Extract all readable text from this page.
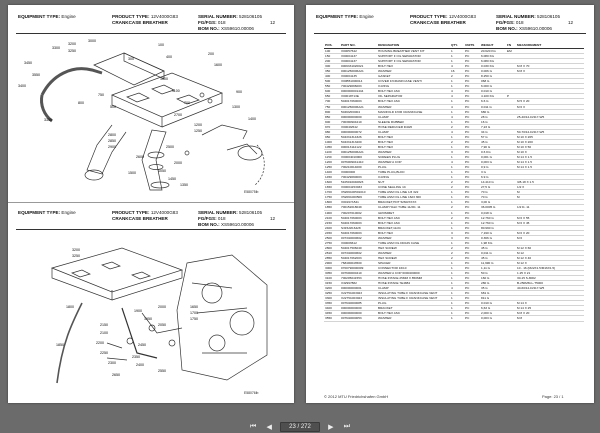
EQUIPMENT TYPE: Engine	PRODUCT TYPE: 12V4000G83	SERIAL NUMBER: 528106105
CRANKCASE BREATHER	FG/FGS: 018	12
BOM NO.: XS59610.00006
3450
3550
3400
3300
3200
3250
3000
3350
100
200
300	400
1600
800
900
1300
1400
500
2800
2850
2900
2700
1000
1100
700
1200
1250
2500
2600
2000
1500
1450
1350
750
1050
E58075lb
EQUIPMENT TYPE: Engine	PRODUCT TYPE: 12V4000G83	SERIAL NUMBER: 528106105
CRANKCASE BREATHER	FG/FGS: 018	12
BOM NO.: XS59610.00006
3200
3250
1800
1850
2150
2100
2200
2250
2300
1900
1950
2050
2450
2350
2400
1650
1700
1750
2000
2650
2550
E58076lb
EQUIPMENT TYPE: Engine	PRODUCT TYPE: 12V4000G83	SERIAL NUMBER: 528106105
CRANKCASE BREATHER	FG/FGS: 018	12
BOM NO.: XS59610.00006
POS.	PART NO.	DESIGNATION	QTY.	UNITS	WEIGHT	FN	MEASUREMENT
100	X00057642	HOUSING BREATHER VENT KIT	1	PC	20.620 KG	EM	
150	X00004137	SUPPORT F OIL SEPARATOR	1	PC	6.080 KG		
200	X00004137	SUPPORT F OIL SEPARATOR	1	PC	6.080 KG		
300	0009331020021	BOLT HEX	4	PC	0.030 KG		M 8 X 70
350	0001250006A21	WASHER	16	PC	0.006 G		M 8 X
400	X00004135	GASKET	2	PC	8.250 G		
500	X00B51000014	COVER F/CRANKCASE VENTI	1	PC	068 G		
550	700429096003	O-RING	1	PC	6.000 G		
600	0000000001444	BOLT HEX ASC	4	PC	0.010 G		
650	X00018713E	OIL SEPARATOR	4	PC	4.100 KG	P	
700	504017060003	BOLT HEX ASC	1	PC	6.6 G		M 5 X 20
750	0001250006A21	WASHER	4	PC	0.011 G		M 6 X
800	50493/0/0004	MANIFOLD F/OR CRANKCASE	1	PC	680 G		
850	000000000000	CLAMP	4	PC	28 G		25-40/12-D/417-W5
900	700390904210	SLEEVE RUBBER	1	PC	16 G		
970	X00049/642	HOSE REDUCER D40/0	2	PC	7,23 G		
980	000000000072	CLAMP	4	PC	34 G		50-70/12-D/417-W5
950	504331314326	BOLT HEX	1	PC	57 G		M 10 X 265
1000	504331313200	BOLT HEX	2	PC	45 G		M 10 X 200
1050	000013112122	BOLT HEX	1	PC	7,90 G		M 10 X 50
1100	0001250006A21	WASHER	3	PC	0.6 KG		M 10 X
1150	X00004010000	SCREEN PLUG	1	PC	0,001 G		M 14 X 1.5
1200	0076009041410	WASHER A COP	4	PC	0,003 G		M 14 X 1.5
1250	700210014000	PLUG	1	PC	0,9 G		M 14 X 1.5
1400	X0000000	TUBE PLUG,BLKD	1	PC	3 G		
1450	700429090003	O-RING	1	PC	6.9 G		
1600	5105010040823	NUT	2	PC	14.410 G		3/8-18 X 1.5
1650	X00004153033	CONE SEALING 1C	2	PC	27,5 G		1/2 X
1700	X5206100501010	TUBE ASM OIL LINE 1/3 322	1	PC	70 G		M
1750	X52061000506	TUBE ASM OIL LINE 1623 360	1	PC	70 G		M
1800	X00197A541	BRACKET,HOT 5260/XXXX	1	PC	3,00 G		
1850	700152018049	CLAMP HALF TUBE 11/2D- 11	2	PC	36.0005 G		1/2 D- 11
1900	700207010002	GROMMET	1	PC	0,018 G		
2100	504017060003	BOLT HEX ASC	2	PC	12.760 G		M 6 X 55
2150	504017060003	BOLT HEX ASC	1	PC	12.760 G		M 6 X 45
2400	S315A816428	BRACKET,11/24	1	PC	80.990 G		
2450	504017060003	BOLT HEX	3	PC	7,190 G		M 6 X 20
2500	007340000602	WASHER	3	PC	0.366 G		M 6
2750	X00006612	TUBE ASM OIL DRAIN CASE	1	PC	1,98 KG		
2800	504017506040	HEX SCREW	2	PC	45 G		M 12 X 60
2810	007340000602	WASHER	2	PC	0,011 G		M 12
2850	504017062003	HEX SCREW	2	PC	45 G		M 12 X 40
2900	768400043500	SPACER	1	PC	11,990 G		M 12 X
3000	0700790000009	CONNECTOR 16/10	1	PC	1,11 G		10 - 16 (M22X1.5/M16X1.5)
3050	007600000410	WASHER A COP 6000400000	1	PC	50 G		1.25 X 21
3100	700205041553	HOSE INTAKE 25MM X 850MM	1	PC	160 G		30-15 S-8002
3150	X32997882	HOSE INTAKE 7E4884	1	PC	280 G		B-250MM-L-T5000
3200	000000000001	CLAMP	4	PC	35 G		40-60/12-D/417-W5
3250	X22751003023	INSULATING TUBE F CRANKCASE VENT	1	PC	681 G		
3300	X22751003023	INSULATING TUBE F CRANKCASE VENT	1	PC	811 G		
3350	007640000085	PLUG	1	PC	0.010 G		M 14 X
3400	000000000000	BRACKET	1	PC	6,63 G		M 14 X 25
3450	000000000000	BOLT HEX ASC	1	PC	2,000 G		M 8 X 20
3550	007640000053	WASHER	1	PC	0,003 G		M 8
© 2012 MTU Friedrichshafen GmbH	Page: 23 / 1
⏮	◀	23 / 272	▶	⏭
